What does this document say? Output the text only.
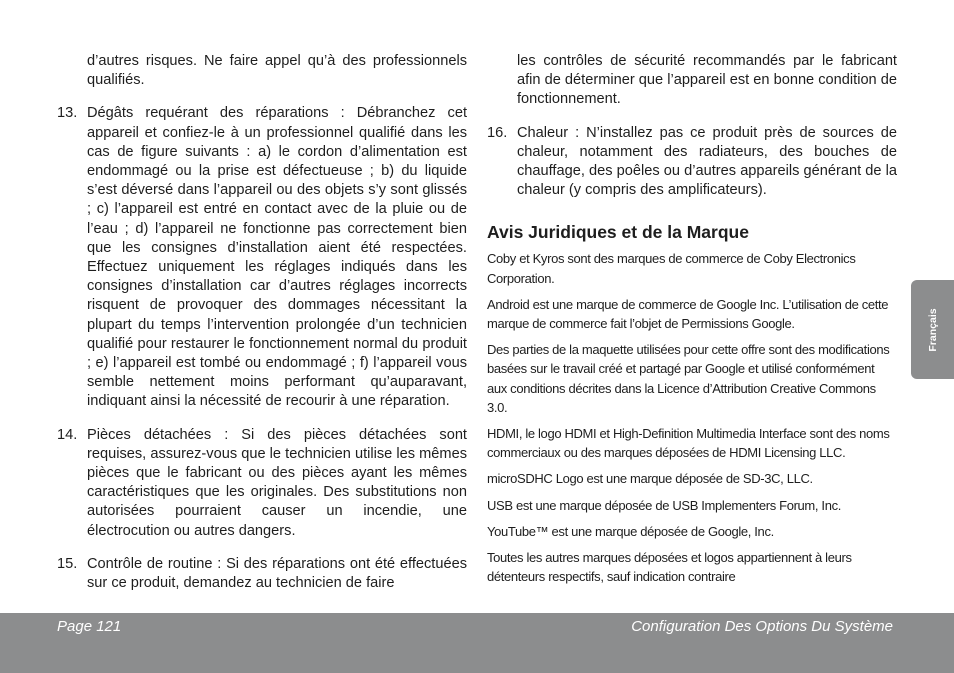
d’autres risques. Ne faire appel qu’à des professionnels qualifiés.

13. Dégâts requérant des réparations : Débranchez cet appareil et confiez-le à un professionnel qualifié dans les cas de figure suivants : a) le cordon d’alimentation est endommagé ou la prise est défectueuse ; b) du liquide s’est déversé dans l’appareil ou des objets s’y sont glissés ; c) l’appareil est entré en contact avec de la pluie ou de l’eau ; d) l’appareil ne fonctionne pas correctement bien que les consignes d’installation aient été respectées. Effectuez uniquement les réglages indiqués dans les consignes d’installation car d’autres réglages incorrects risquent de provoquer des dommages nécessitant la plupart du temps l’intervention prolongée d’un technicien qualifié pour restaurer le fonctionnement normal du produit ; e) l’appareil est tombé ou endommagé ; f) l’appareil vous semble nettement moins performant qu’auparavant, indiquant ainsi la nécessité de recourir à une réparation.
14. Pièces détachées : Si des pièces détachées sont requises, assurez-vous que le technicien utilise les mêmes pièces que le fabricant ou des pièces ayant les mêmes caractéristiques que les originales. Des substitutions non autorisées pourraient causer un incendie, une électrocution ou autres dangers.
15. Contrôle de routine : Si des réparations ont été effectuées sur ce produit, demandez au technicien de faire

les contrôles de sécurité recommandés par le fabricant afin de déterminer que l’appareil est en bonne condition de fonctionnement.

16. Chaleur : N’installez pas ce produit près de sources de chaleur, notamment des radiateurs, des bouches de chauffage, des poêles ou d’autres appareils générant de la chaleur (y compris des amplificateurs).
Avis Juridiques et de la Marque

Coby et Kyros sont des marques de commerce de Coby Electronics Corporation.

Android est une marque de commerce de Google Inc. L’utilisation de cette marque de commerce fait l’objet de Permissions Google.

Des parties de la maquette utilisées pour cette offre sont des modifications basées sur le travail créé et partagé par Google et utilisé conformément aux conditions décrites dans la Licence d’Attribution Creative Commons 3.0.

HDMI, le logo HDMI et High-Definition Multimedia Interface sont des noms commerciaux ou des marques déposées de HDMI Licensing LLC.

microSDHC Logo est une marque déposée de SD-3C, LLC.

USB est une marque déposée de USB Implementers Forum, Inc.

YouTube™ est une marque déposée de Google, Inc.

Toutes les autres marques déposées et logos appartiennent à leurs détenteurs respectifs, sauf indication contraire

Français
Page 121	Configuration Des Options Du Système
